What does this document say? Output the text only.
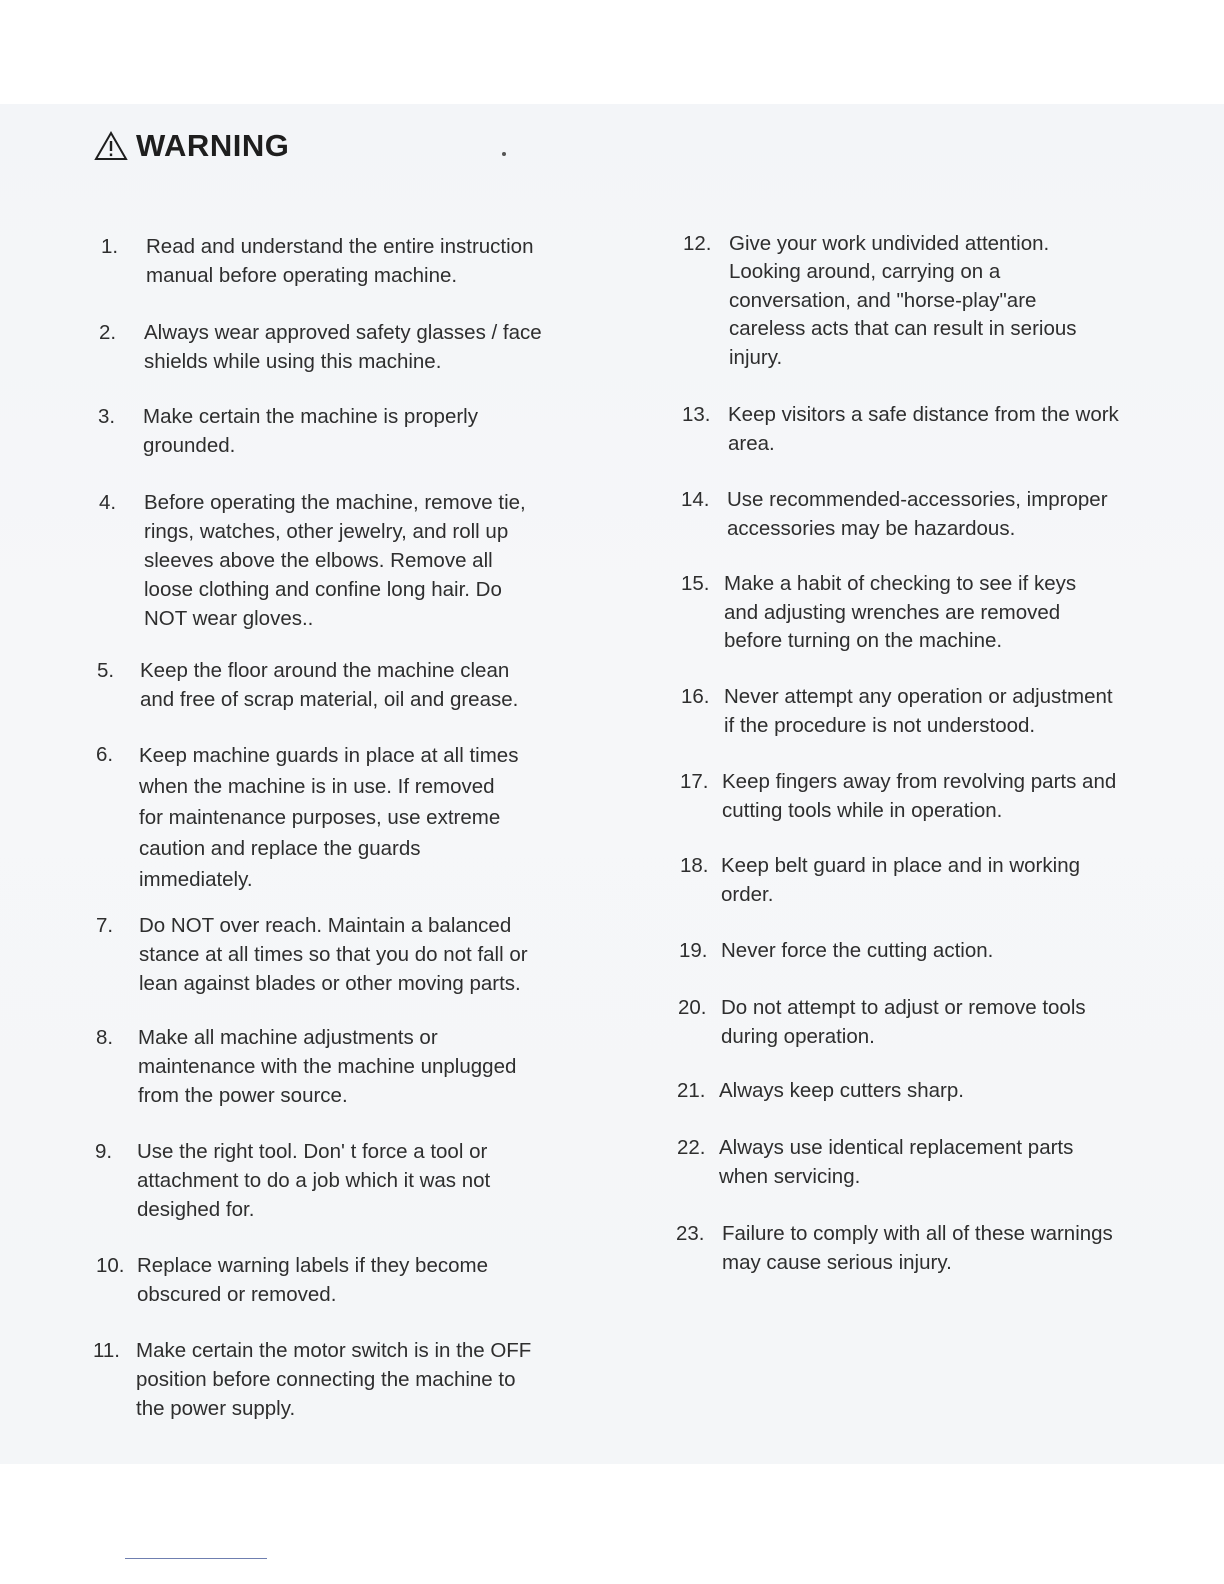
WARNING
1. Read and understand the entire instruction
manual before operating machine.
2. Always wear approved safety glasses / face
shields while using this machine.
3. Make certain the machine is properly
grounded.
4. Before operating the machine, remove tie,
rings, watches, other jewelry, and roll up
sleeves above the elbows. Remove all
loose clothing and confine long hair. Do
NOT wear gloves..
5. Keep the floor around the machine clean
and free of scrap material, oil and grease.
6. Keep machine guards in place at all times
when the machine is in use. If removed
for maintenance purposes, use extreme
caution and replace the guards
immediately.
7. Do NOT over reach. Maintain a balanced
stance at all times so that you do not fall or
lean against blades or other moving parts.
8. Make all machine adjustments or
maintenance with the machine unplugged
from the power source.
9. Use the right tool. Don' t force a tool or
attachment to do a job which it was not
desighed for.
10. Replace warning labels if they become
obscured or removed.
11. Make certain the motor switch is in the OFF
position before connecting the machine to
the power supply.
12. Give your work undivided attention.
Looking around, carrying on a
conversation, and "horse-play"are
careless acts that can result in serious
injury.
13. Keep visitors a safe distance from the work
area.
14. Use recommended-accessories, improper
accessories may be hazardous.
15. Make a habit of checking to see if keys
and adjusting wrenches are removed
before turning on the machine.
16. Never attempt any operation or adjustment
if the procedure is not understood.
17. Keep fingers away from revolving parts and
cutting tools while in operation.
18. Keep belt guard in place and in working
order.
19. Never force the cutting action.
20. Do not attempt to adjust or remove tools
during operation.
21. Always keep cutters sharp.
22. Always use identical replacement parts
when servicing.
23. Failure to comply with all of these warnings
may cause serious injury.
